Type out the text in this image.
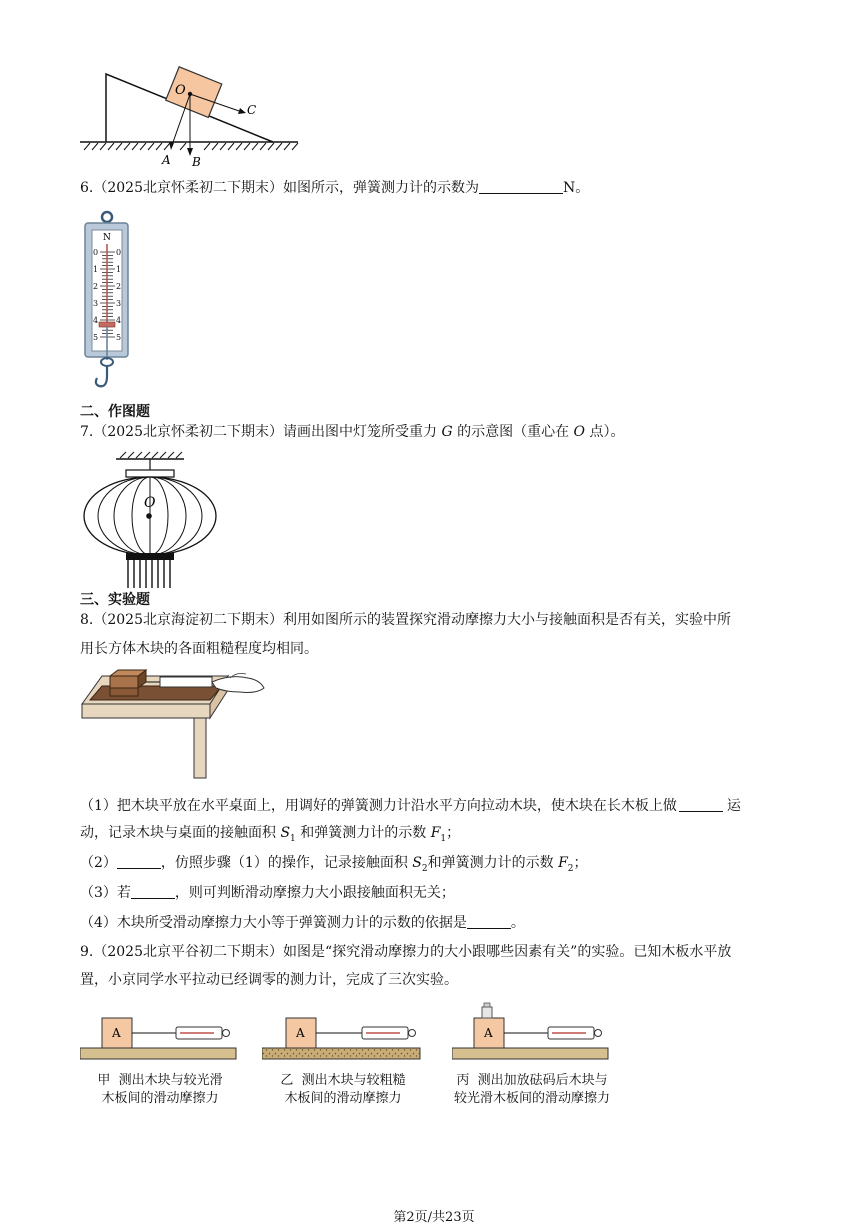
O
A B
C
6.（2025北京怀柔初二下期末）如图所示，弹簧测力计的示数为	N。
N
0
1
2
3
4
5
0
1
2
3
4
5
二、作图题
7.（2025北京怀柔初二下期末）请画出图中灯笼所受重力 G 的示意图（重心在 O 点）。
O
三、实验题
8.（2025北京海淀初二下期末）利用如图所示的装置探究滑动摩擦力大小与接触面积是否有关，实验中所
用长方体木块的各面粗糙程度均相同。
（1）把木块平放在水平桌面上，用调好的弹簧测力计沿水平方向拉动木块，使木块在长木板上做	运
动，记录木块与桌面的接触面积 $S_1$ 和弹簧测力计的示数 $F_1$；
（2）	，仿照步骤（1）的操作，记录接触面积 $S_2$和弹簧测力计的示数 $F_2$；
（3）若	，则可判断滑动摩擦力大小跟接触面积无关；
（4）木块所受滑动摩擦力大小等于弹簧测力计的示数的依据是	。
9.（2025北京平谷初二下期末）如图是“探究滑动摩擦力的大小跟哪些因素有关”的实验。已知木板水平放
置，小京同学水平拉动已经调零的测力计，完成了三次实验。
A
甲  测出木块与较光滑
木板间的滑动摩擦力
A
乙  测出木块与较粗糙
木板间的滑动摩擦力
A
丙  测出加放砝码后木块与
较光滑木板间的滑动摩擦力
第2页/共23页
